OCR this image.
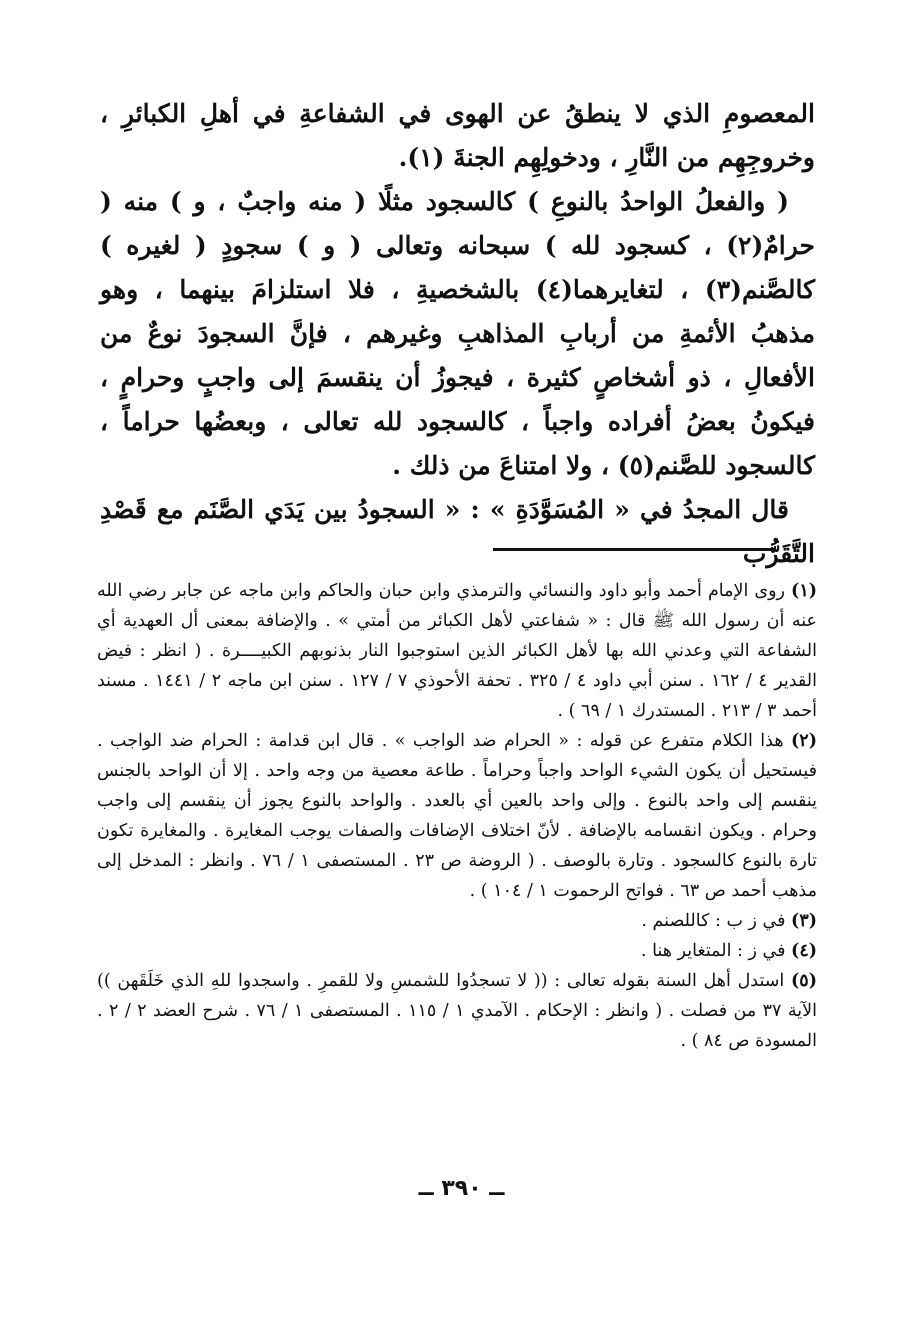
المعصومِ الذي لا ينطقُ عن الهوى في الشفاعةِ في أهلِ الكبائرِ ، وخروجِهِم من النَّارِ ، ودخولِهِم الجنةَ (١).

( والفعلُ الواحدُ بالنوعِ ) كالسجود مثلًا ( منه واجبٌ ، و ) منه ( حرامٌ(٢) ، كسجود لله ) سبحانه وتعالى ( و ) سجودٍ ( لغيره ) كالصَّنم(٣) ، لتغايرهما(٤) بالشخصيةِ ، فلا استلزامَ بينهما ، وهو مذهبُ الأئمةِ من أربابِ المذاهبِ وغيرهم ، فإنَّ السجودَ نوعٌ من الأفعالِ ، ذو أشخاصٍ كثيرة ، فيجوزُ أن ينقسمَ إلى واجبٍ وحرامٍ ، فيكونُ بعضُ أفراده واجباً ، كالسجود لله تعالى ، وبعضُها حراماً ، كالسجود للصَّنم(٥) ، ولا امتناعَ من ذلك .

قال المجدُ في « المُسَوَّدَةِ » : « السجودُ بين يَدَي الصَّنَم مع قَصْدِ التَّقَرُّب

(١) روى الإمام أحمد وأبو داود والنسائي والترمذي وابن حبان والحاكم وابن ماجه عن جابر رضي الله عنه أن رسول الله ﷺ قال : « شفاعتي لأهل الكبائر من أمتي » . والإضافة بمعنى أل العهدية أي الشفاعة التي وعدني الله بها لأهل الكبائر الذين استوجبوا النار بذنوبهم الكبيــــرة . ( انظر : فيض القدير ٤ / ١٦٢ . سنن أبي داود ٤ / ٣٢٥ . تحفة الأحوذي ٧ / ١٢٧ . سنن ابن ماجه ٢ / ١٤٤١ . مسند أحمد ٣ / ٢١٣ . المستدرك ١ / ٦٩ ) .

(٢) هذا الكلام متفرع عن قوله : « الحرام ضد الواجب » . قال ابن قدامة : الحرام ضد الواجب . فيستحيل أن يكون الشيء الواحد واجباً وحراماً . طاعة معصية من وجه واحد . إلا أن الواحد بالجنس ينقسم إلى واحد بالنوع . وإلى واحد بالعين أي بالعدد . والواحد بالنوع يجوز أن ينقسم إلى واجب وحرام . ويكون انقسامه بالإضافة . لأنّ اختلاف الإضافات والصفات يوجب المغايرة . والمغايرة تكون تارة بالنوع كالسجود . وتارة بالوصف . ( الروضة ص ٢٣ . المستصفى ١ / ٧٦ . وانظر : المدخل إلى مذهب أحمد ص ٦٣ . فواتح الرحموت ١ / ١٠٤ ) .

(٣) في ز ب : كاللصنم .

(٤) في ز : المتغاير هنا .

(٥) استدل أهل السنة بقوله تعالى : (( لا تسجدُوا للشمسِ ولا للقمرِ . واسجدوا للهِ الذي خَلَقَهن )) الآية ٣٧ من فصلت . ( وانظر : الإحكام . الآمدي ١ / ١١٥ . المستصفى ١ / ٧٦ . شرح العضد ٢ / ٢ . المسودة ص ٨٤ ) .

ــ ٣٩٠ ــ
